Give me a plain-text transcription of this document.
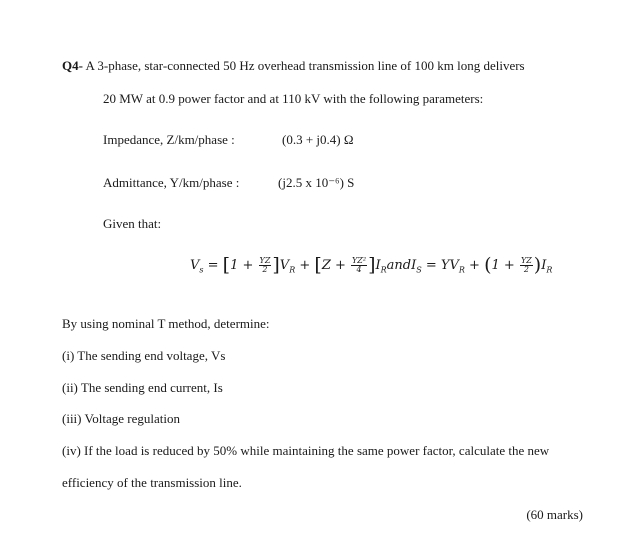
Q4- A 3-phase, star-connected 50 Hz overhead transmission line of 100 km long delivers
20 MW at 0.9 power factor and at 110 kV with the following parameters:
Impedance, Z/km/phase :	(0.3 + j0.4) Ω
Admittance, Y/km/phase :	(j2.5 x 10⁻⁶) S
Given that:
$V_s = [1 + \frac{YZ}{2} ]V_R + [Z + \frac{\text{YZ²}}{4}$ ]$I_RandI_S = YV_R + (1 + \frac{YZ}{2} )I_R$
By using nominal T method, determine:
(i) The sending end voltage, Vs
(ii) The sending end current, Is
(iii) Voltage regulation
(iv) If the load is reduced by 50% while maintaining the same power factor, calculate the new
efficiency of the transmission line.
(60 marks)
